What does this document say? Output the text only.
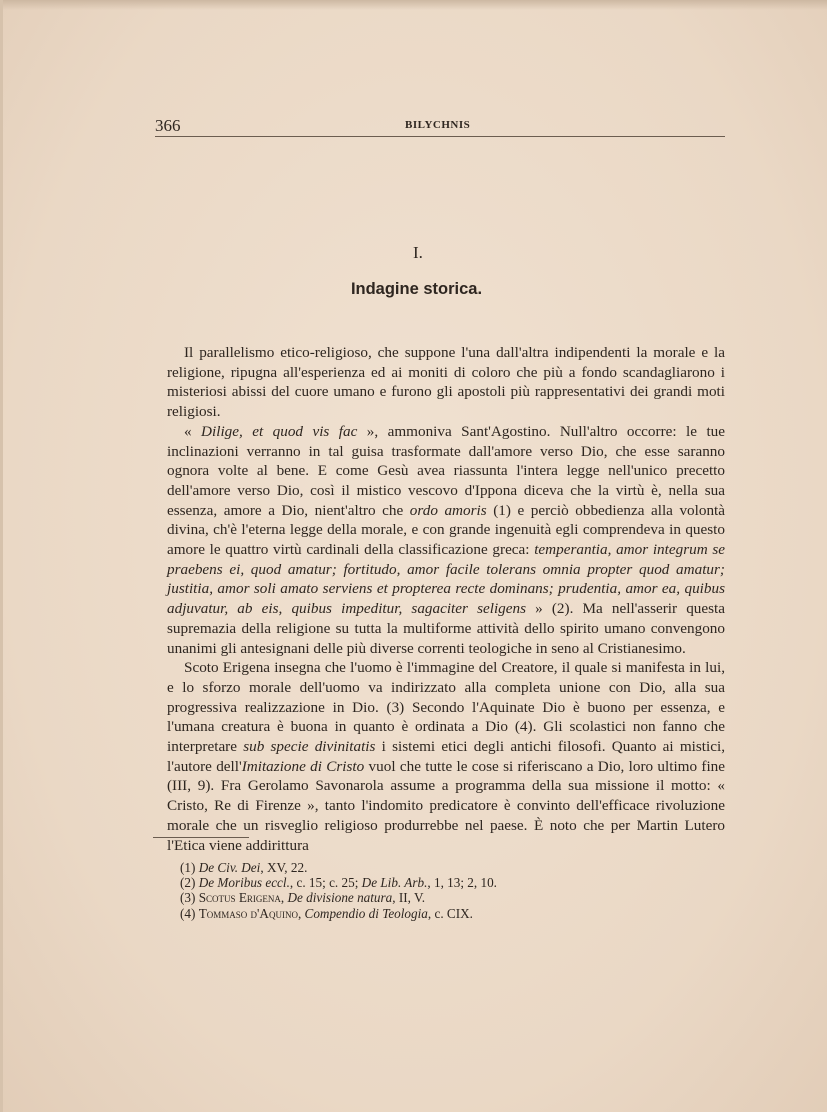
366	BILYCHNIS
I.
Indagine storica.

Il parallelismo etico-religioso, che suppone l'una dall'altra indipendenti la morale e la religione, ripugna all'esperienza ed ai moniti di coloro che più a fondo scandagliarono i misteriosi abissi del cuore umano e furono gli apostoli più rappresentativi dei grandi moti religiosi.

« Dilige, et quod vis fac », ammoniva Sant'Agostino. Null'altro occorre: le tue inclinazioni verranno in tal guisa trasformate dall'amore verso Dio, che esse saranno ognora volte al bene. E come Gesù avea riassunta l'intera legge nell'unico precetto dell'amore verso Dio, così il mistico vescovo d'Ippona diceva che la virtù è, nella sua essenza, amore a Dio, nient'altro che ordo amoris (1) e perciò obbedienza alla volontà divina, ch'è l'eterna legge della morale, e con grande ingenuità egli comprendeva in questo amore le quattro virtù cardinali della classificazione greca: temperantia, amor integrum se praebens ei, quod amatur; fortitudo, amor facile tolerans omnia propter quod amatur; justitia, amor soli amato serviens et propterea recte dominans; prudentia, amor ea, quibus adjuvatur, ab eis, quibus impeditur, sagaciter seligens » (2). Ma nell'asserir questa supremazia della religione su tutta la multiforme attività dello spirito umano convengono unanimi gli antesignani delle più diverse correnti teologiche in seno al Cristianesimo.

Scoto Erigena insegna che l'uomo è l'immagine del Creatore, il quale si manifesta in lui, e lo sforzo morale dell'uomo va indirizzato alla completa unione con Dio, alla sua progressiva realizzazione in Dio. (3) Secondo l'Aquinate Dio è buono per essenza, e l'umana creatura è buona in quanto è ordinata a Dio (4). Gli scolastici non fanno che interpretare sub specie divinitatis i sistemi etici degli antichi filosofi. Quanto ai mistici, l'autore dell'Imitazione di Cristo vuol che tutte le cose si riferiscano a Dio, loro ultimo fine (III, 9). Fra Gerolamo Savonarola assume a programma della sua missione il motto: « Cristo, Re di Firenze », tanto l'indomito predicatore è convinto dell'efficace rivoluzione morale che un risveglio religioso produrrebbe nel paese. È noto che per Martin Lutero l'Etica viene addirittura

(1) De Civ. Dei, XV, 22.
(2) De Moribus eccl., c. 15; c. 25; De Lib. Arb., 1, 13; 2, 10.
(3) Scotus Erigena, De divisione natura, II, V.
(4) Tommaso d'Aquino, Compendio di Teologia, c. CIX.
